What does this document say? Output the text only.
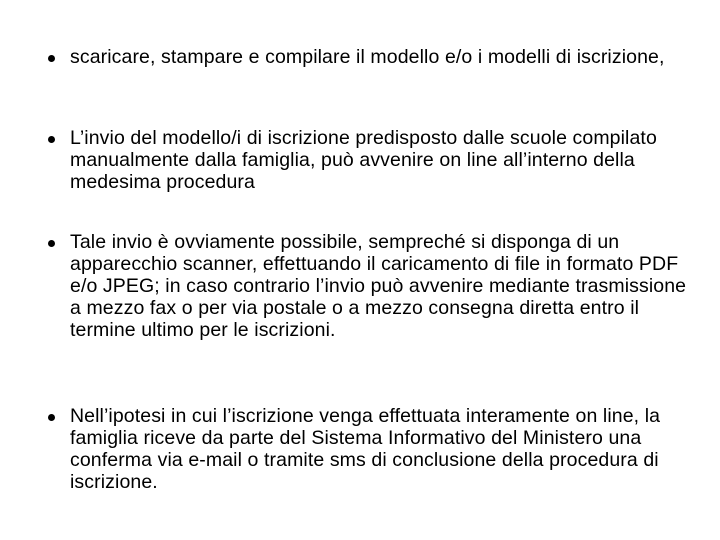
scaricare, stampare e compilare il modello e/o i modelli di iscrizione,
L’invio del modello/i di iscrizione predisposto dalle scuole compilato manualmente dalla famiglia, può avvenire on line all’interno della medesima procedura
Tale invio è ovviamente possibile, sempreché si disponga di un apparecchio scanner, effettuando il caricamento di file in formato PDF e/o JPEG; in caso contrario l’invio può avvenire mediante trasmissione a mezzo fax o per via postale o a mezzo consegna diretta entro il termine ultimo per le iscrizioni.
Nell’ipotesi in cui l’iscrizione venga effettuata interamente on line, la famiglia riceve da parte del Sistema Informativo del Ministero una conferma via e-mail o tramite sms di conclusione della procedura di iscrizione.
